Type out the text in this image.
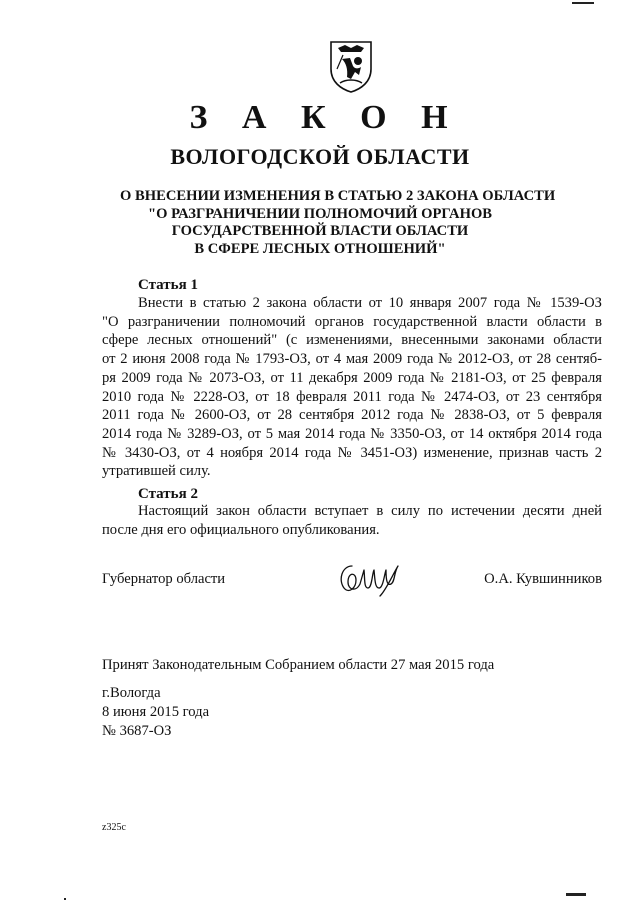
З А К О Н
ВОЛОГОДСКОЙ ОБЛАСТИ
О ВНЕСЕНИИ ИЗМЕНЕНИЯ В СТАТЬЮ 2 ЗАКОНА ОБЛАСТИ
"О РАЗГРАНИЧЕНИИ ПОЛНОМОЧИЙ ОРГАНОВ
ГОСУДАРСТВЕННОЙ ВЛАСТИ ОБЛАСТИ
В СФЕРЕ ЛЕСНЫХ ОТНОШЕНИЙ"
Статья 1
Внести в статью 2 закона области от 10 января 2007 года № 1539-ОЗ
"О разграничении полномочий органов государственной власти области в
сфере лесных отношений" (с изменениями, внесенными законами области
от 2 июня 2008 года № 1793-ОЗ, от 4 мая 2009 года № 2012-ОЗ, от 28 сентяб-
ря 2009 года № 2073-ОЗ, от 11 декабря 2009 года № 2181-ОЗ, от 25 февраля
2010 года № 2228-ОЗ, от 18 февраля 2011 года № 2474-ОЗ, от 23 сентября
2011 года № 2600-ОЗ, от 28 сентября 2012 года № 2838-ОЗ, от 5 февраля
2014 года № 3289-ОЗ, от 5 мая 2014 года № 3350-ОЗ, от 14 октября 2014 года
№ 3430-ОЗ, от 4 ноября 2014 года № 3451-ОЗ) изменение, признав часть 2
утратившей силу.
Статья 2
Настоящий закон области вступает в силу по истечении десяти дней
после дня его официального опубликования.
Губернатор области	О.А. Кувшинников
Принят Законодательным Собранием области 27 мая 2015 года
г.Вологда
8 июня 2015 года
№ 3687-ОЗ
z325c
